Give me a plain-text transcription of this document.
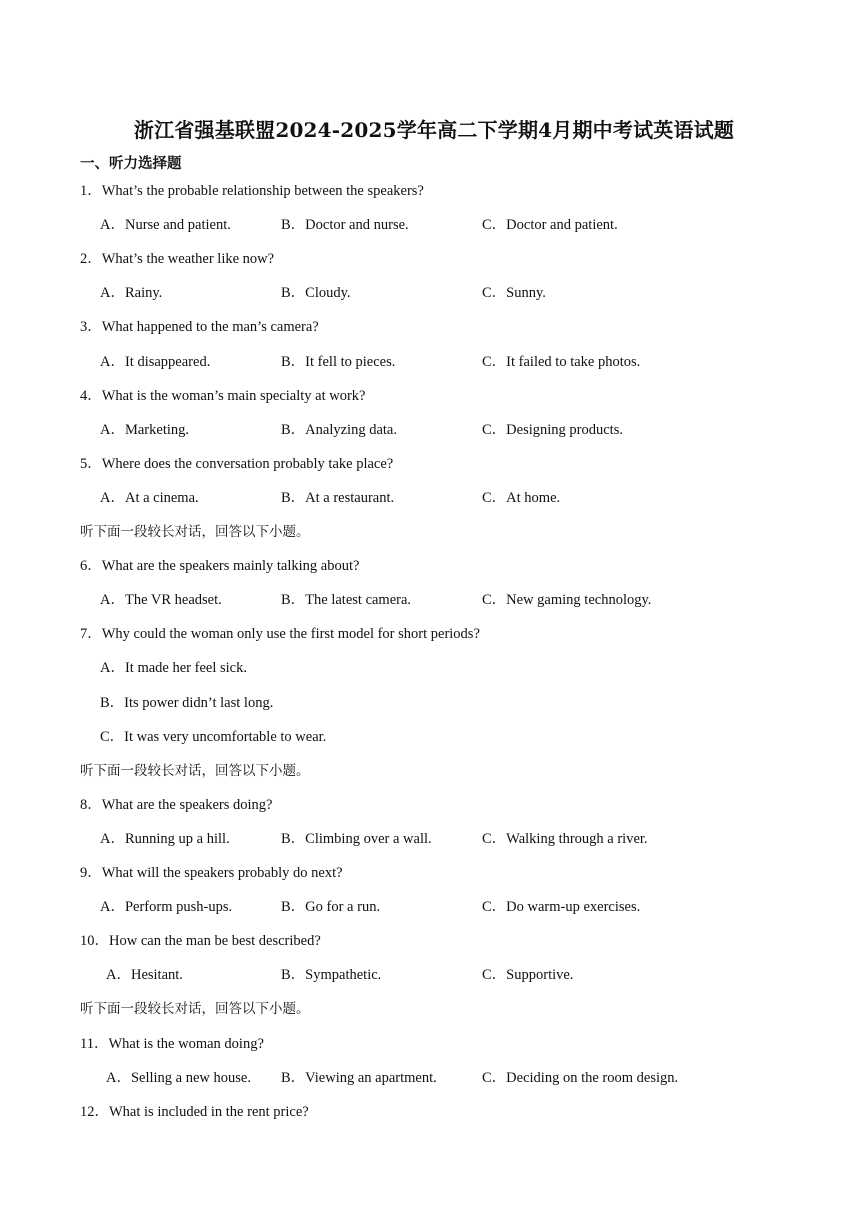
浙江省强基联盟2024-2025学年高二下学期4月期中考试英语试题
一、听力选择题
1．What’s the probable relationship between the speakers?
A．Nurse and patient.	B．Doctor and nurse.	C．Doctor and patient.
2．What’s the weather like now?
A．Rainy.	B．Cloudy.	C．Sunny.
3．What happened to the man’s camera?
A．It disappeared.	B．It fell to pieces.	C．It failed to take photos.
4．What is the woman’s main specialty at work?
A．Marketing.	B．Analyzing data.	C．Designing products.
5．Where does the conversation probably take place?
A．At a cinema.	B．At a restaurant.	C．At home.
听下面一段较长对话，回答以下小题。
6．What are the speakers mainly talking about?
A．The VR headset.	B．The latest camera.	C．New gaming technology.
7．Why could the woman only use the first model for short periods?
A．It made her feel sick.
B．Its power didn’t last long.
C．It was very uncomfortable to wear.
听下面一段较长对话，回答以下小题。
8．What are the speakers doing?
A．Running up a hill.	B．Climbing over a wall.	C．Walking through a river.
9．What will the speakers probably do next?
A．Perform push-ups.	B．Go for a run.	C．Do warm-up exercises.
10．How can the man be best described?
A．Hesitant.	B．Sympathetic.	C．Supportive.
听下面一段较长对话，回答以下小题。
11．What is the woman doing?
A．Selling a new house. B．Viewing an apartment.	C．Deciding on the room design.
12．What is included in the rent price?
